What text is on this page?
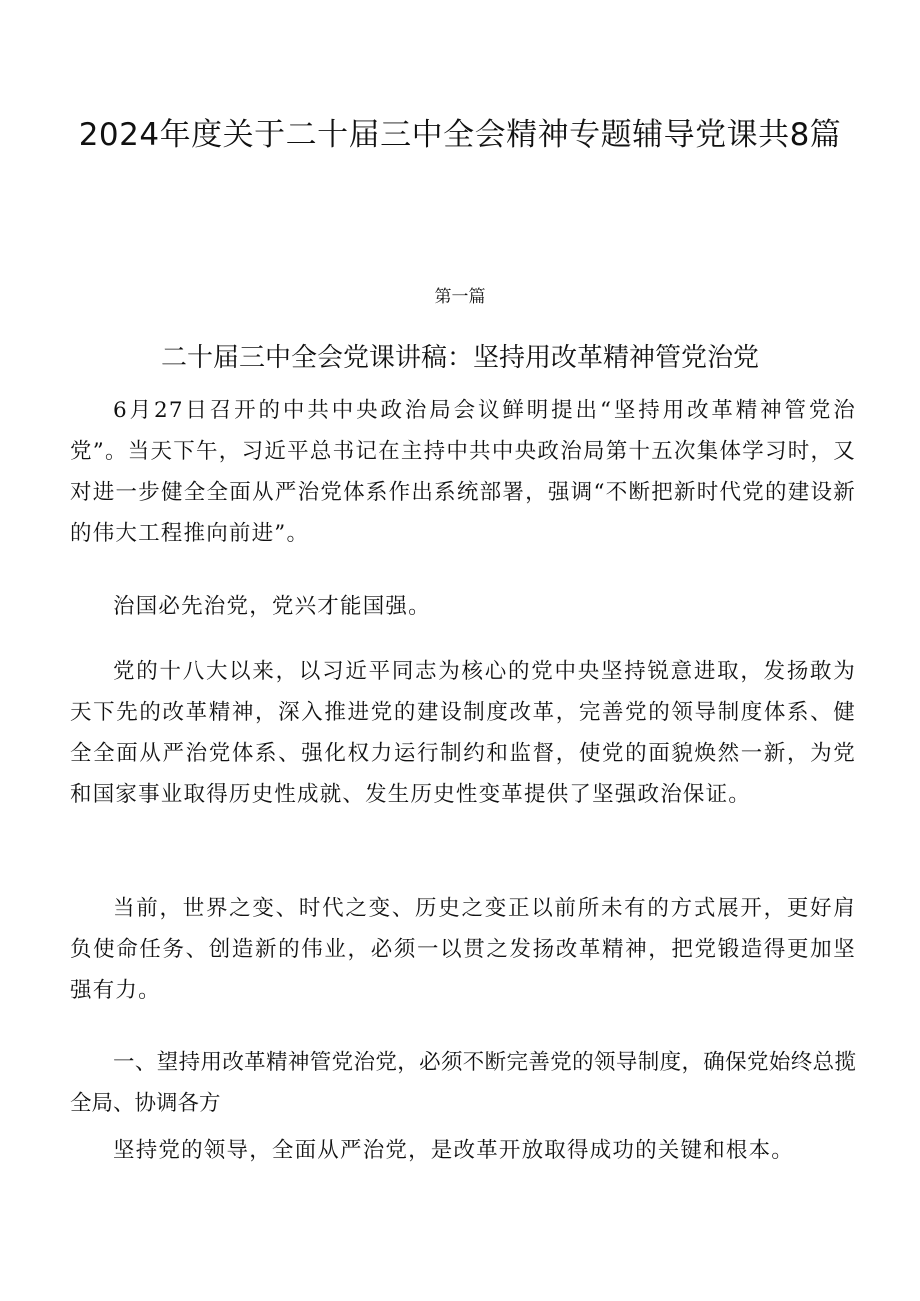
2024年度关于二十届三中全会精神专题辅导党课共8篇
第一篇
二十届三中全会党课讲稿：坚持用改革精神管党治党

6月27日召开的中共中央政治局会议鲜明提出“坚持用改革精神管党治党”。当天下午，习近平总书记在主持中共中央政治局第十五次集体学习时，又对进一步健全全面从严治党体系作出系统部署，强调“不断把新时代党的建设新的伟大工程推向前进”。

治国必先治党，党兴才能国强。

党的十八大以来，以习近平同志为核心的党中央坚持锐意进取，发扬敢为天下先的改革精神，深入推进党的建设制度改革，完善党的领导制度体系、健全全面从严治党体系、强化权力运行制约和监督，使党的面貌焕然一新，为党和国家事业取得历史性成就、发生历史性变革提供了坚强政治保证。

当前，世界之变、时代之变、历史之变正以前所未有的方式展开，更好肩负使命任务、创造新的伟业，必须一以贯之发扬改革精神，把党锻造得更加坚强有力。

一、望持用改革精神管党治党，必须不断完善党的领导制度，确保党始终总揽全局、协调各方

坚持党的领导，全面从严治党，是改革开放取得成功的关键和根本。
